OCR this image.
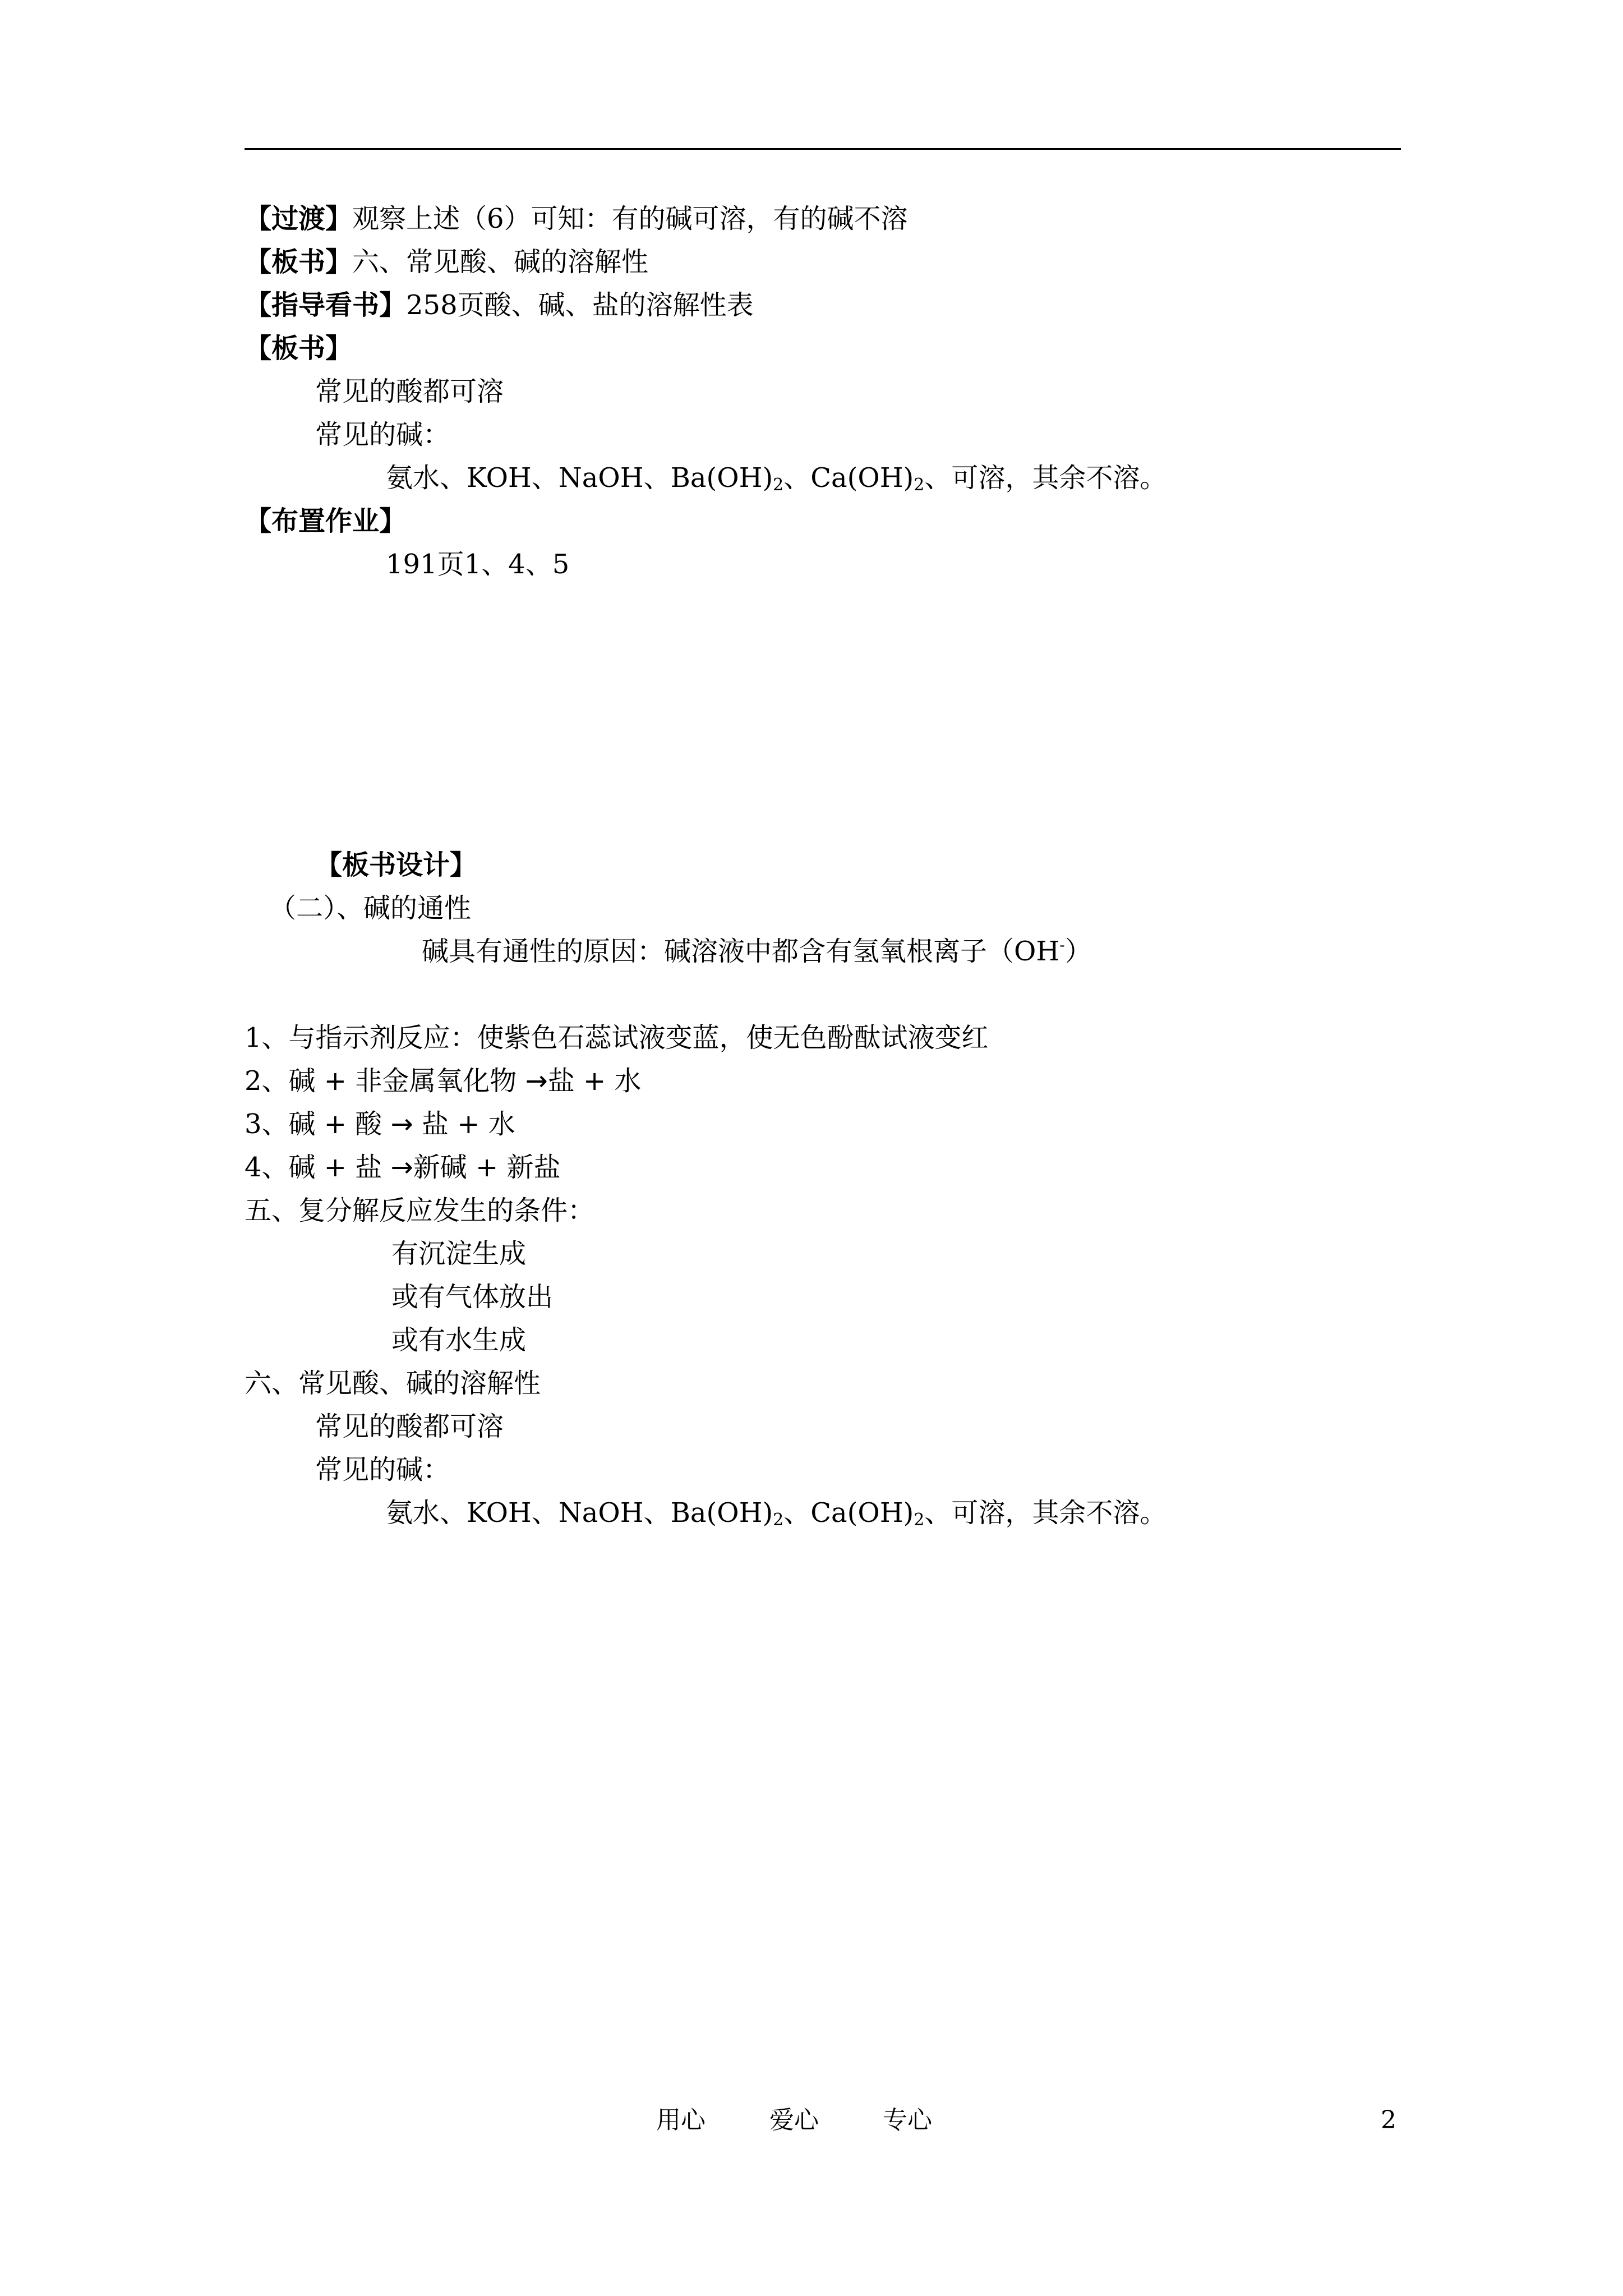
【过渡】观察上述（6）可知：有的碱可溶，有的碱不溶
【板书】六、常见酸、碱的溶解性
【指导看书】258页酸、碱、盐的溶解性表
【板书】
常见的酸都可溶
常见的碱：
氨水、KOH、NaOH、$Ba(OH)_2$、$Ca(OH)_2$、可溶，其余不溶。
【布置作业】
191页1、4、5
【板书设计】
（二）、碱的通性
碱具有通性的原因：碱溶液中都含有氢氧根离子（OH-）
1、与指示剂反应：使紫色石蕊试液变蓝，使无色酚酞试液变红
2、碱 + 非金属氧化物 →盐 + 水
3、碱 + 酸 → 盐 + 水
4、碱 + 盐 →新碱 + 新盐
五、复分解反应发生的条件：
有沉淀生成
或有气体放出
或有水生成
六、常见酸、碱的溶解性
常见的酸都可溶
常见的碱：
氨水、KOH、NaOH、$Ba(OH)_2$、$Ca(OH)_2$、可溶，其余不溶。
用心	爱心	专心	2
